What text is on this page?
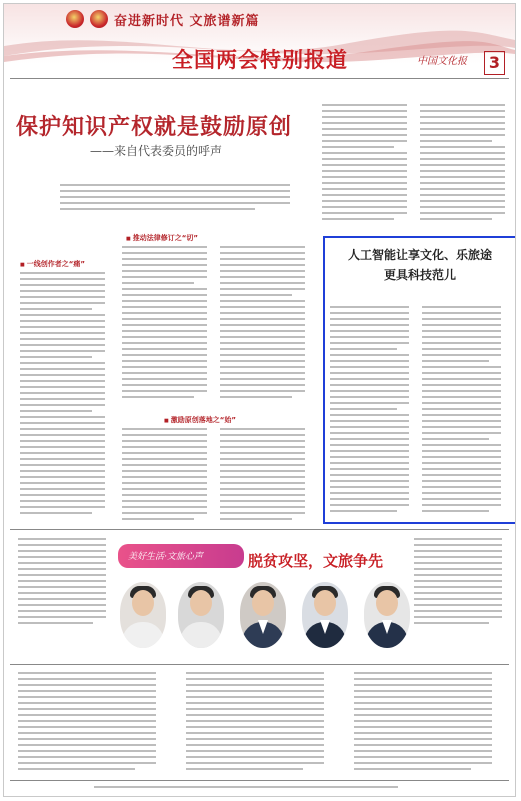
奋进新时代 文旅谱新篇
全国两会特别报道	中国文化报	3
保护知识产权就是鼓励原创
——来自代表委员的呼声
■ 一线创作者之“痛”
■ 推动法律修订之“切”
■ 激励原创落地之“始”
人工智能让享文化、乐旅途
更具科技范儿
美好生活·文旅心声	脱贫攻坚，文旅争先
